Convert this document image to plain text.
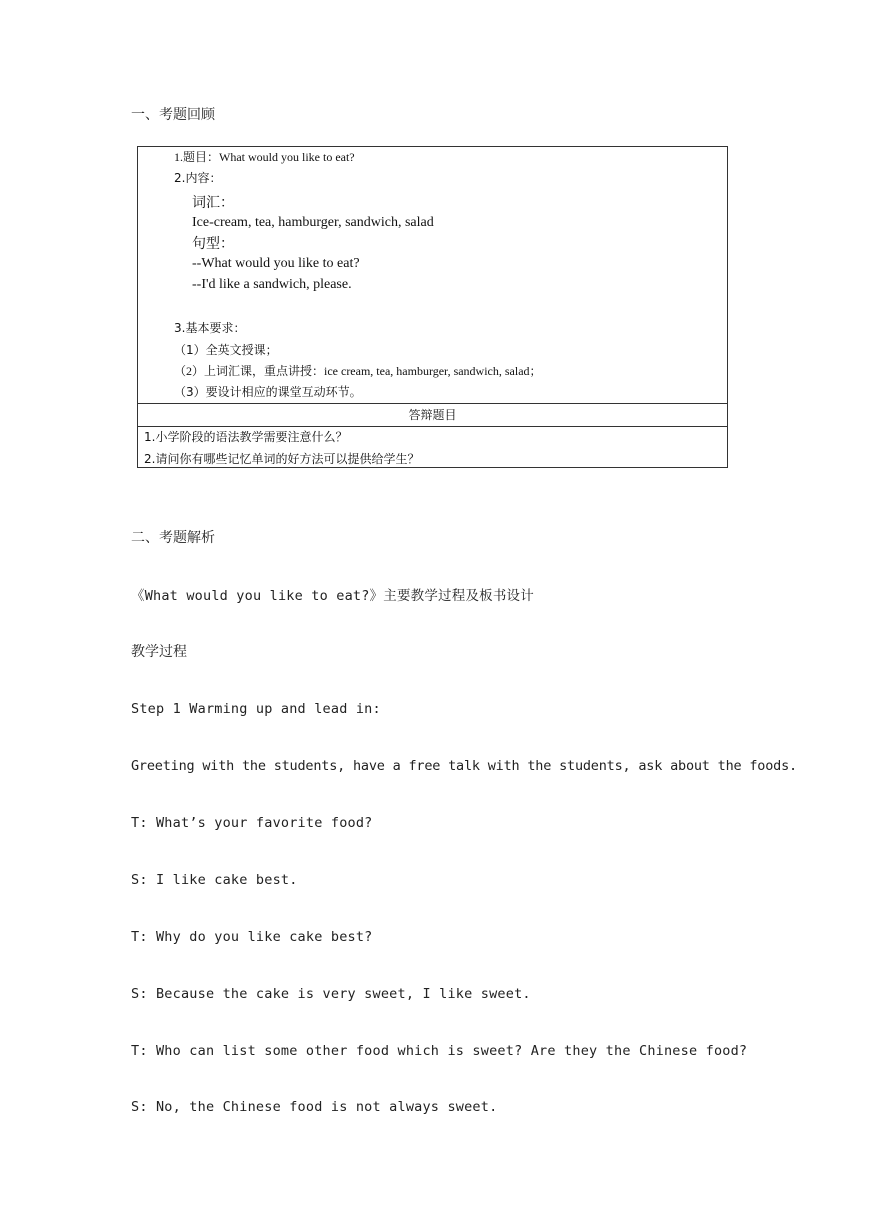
一、考题回顾
1.题目：What would you like to eat?
2.内容：
词汇：
Ice-cream, tea, hamburger, sandwich, salad
句型：
--What would you like to eat?
--I'd like a sandwich, please.
3.基本要求：
（1）全英文授课；
（2）上词汇课，重点讲授：ice cream, tea, hamburger, sandwich, salad；
（3）要设计相应的课堂互动环节。
答辩题目
1.小学阶段的语法教学需要注意什么？
2.请问你有哪些记忆单词的好方法可以提供给学生？
二、考题解析
《What would you like to eat?》主要教学过程及板书设计
教学过程
Step 1 Warming up and lead in:
Greeting with the students, have a free talk with the students, ask about the foods.
T: What’s your favorite food?
S: I like cake best.
T: Why do you like cake best?
S: Because the cake is very sweet, I like sweet.
T: Who can list some other food which is sweet? Are they the Chinese food?
S: No, the Chinese food is not always sweet.
